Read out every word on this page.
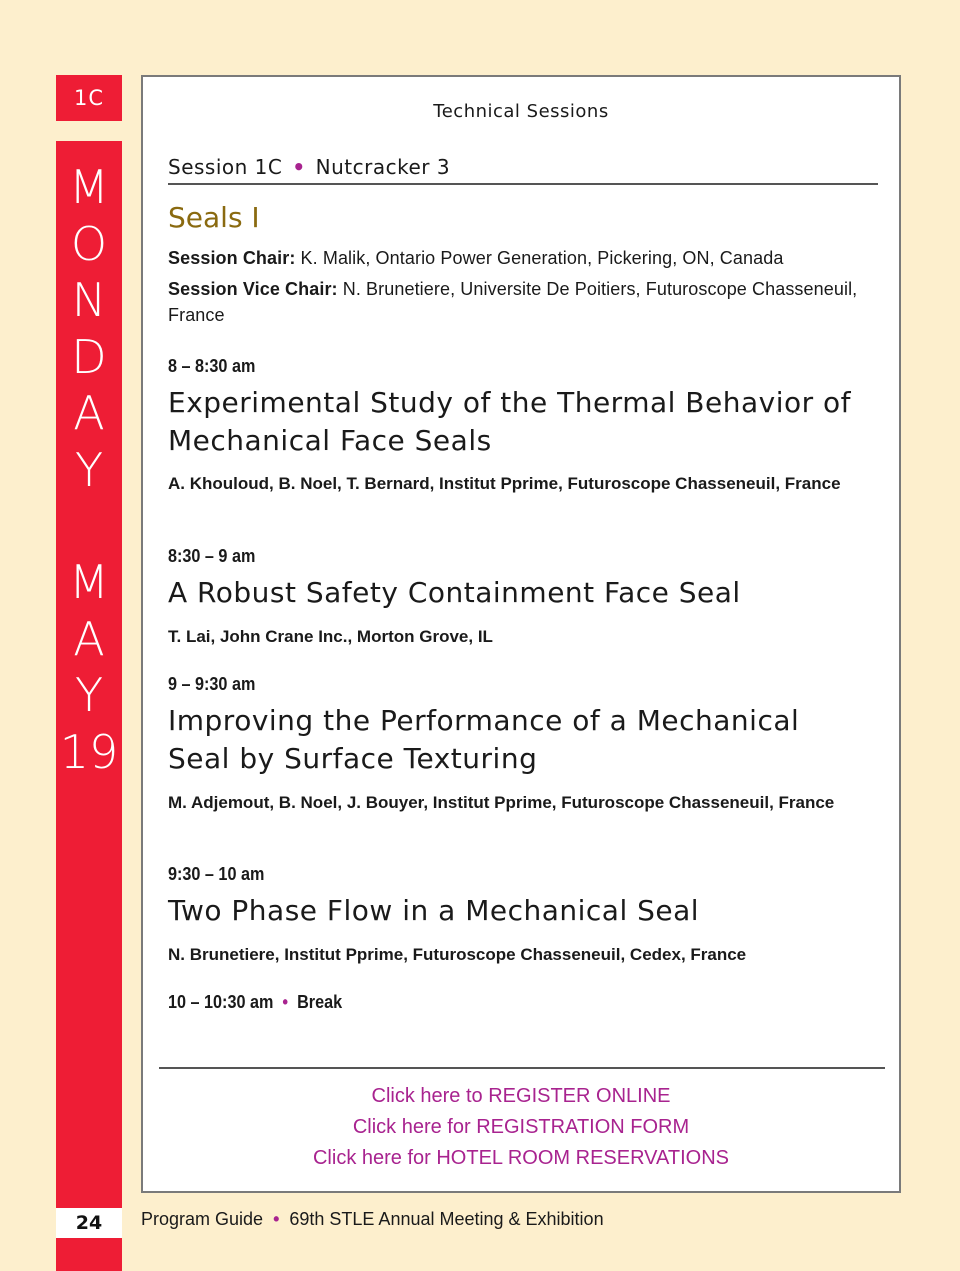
1C
M
O
N
D
A
Y
M
A
Y
19
24
Technical Sessions
Session 1C • Nutcracker 3
Seals I
Session Chair: K. Malik, Ontario Power Generation, Pickering, ON, Canada
Session Vice Chair: N. Brunetiere, Universite De Poitiers, Futuroscope Chasseneuil, France
8 – 8:30 am
Experimental Study of the Thermal Behavior of Mechanical Face Seals
A. Khouloud, B. Noel, T. Bernard, Institut Pprime, Futuroscope Chasseneuil, France
8:30 – 9 am
A Robust Safety Containment Face Seal
T. Lai, John Crane Inc., Morton Grove, IL
9 – 9:30 am
Improving the Performance of a Mechanical Seal by Surface Texturing
M. Adjemout, B. Noel, J. Bouyer, Institut Pprime, Futuroscope Chasseneuil, France
9:30 – 10 am
Two Phase Flow in a Mechanical Seal
N. Brunetiere, Institut Pprime, Futuroscope Chasseneuil, Cedex, France
10 – 10:30 am • Break
Click here to REGISTER ONLINE
Click here for REGISTRATION FORM
Click here for HOTEL ROOM RESERVATIONS
Program Guide • 69th STLE Annual Meeting & Exhibition
